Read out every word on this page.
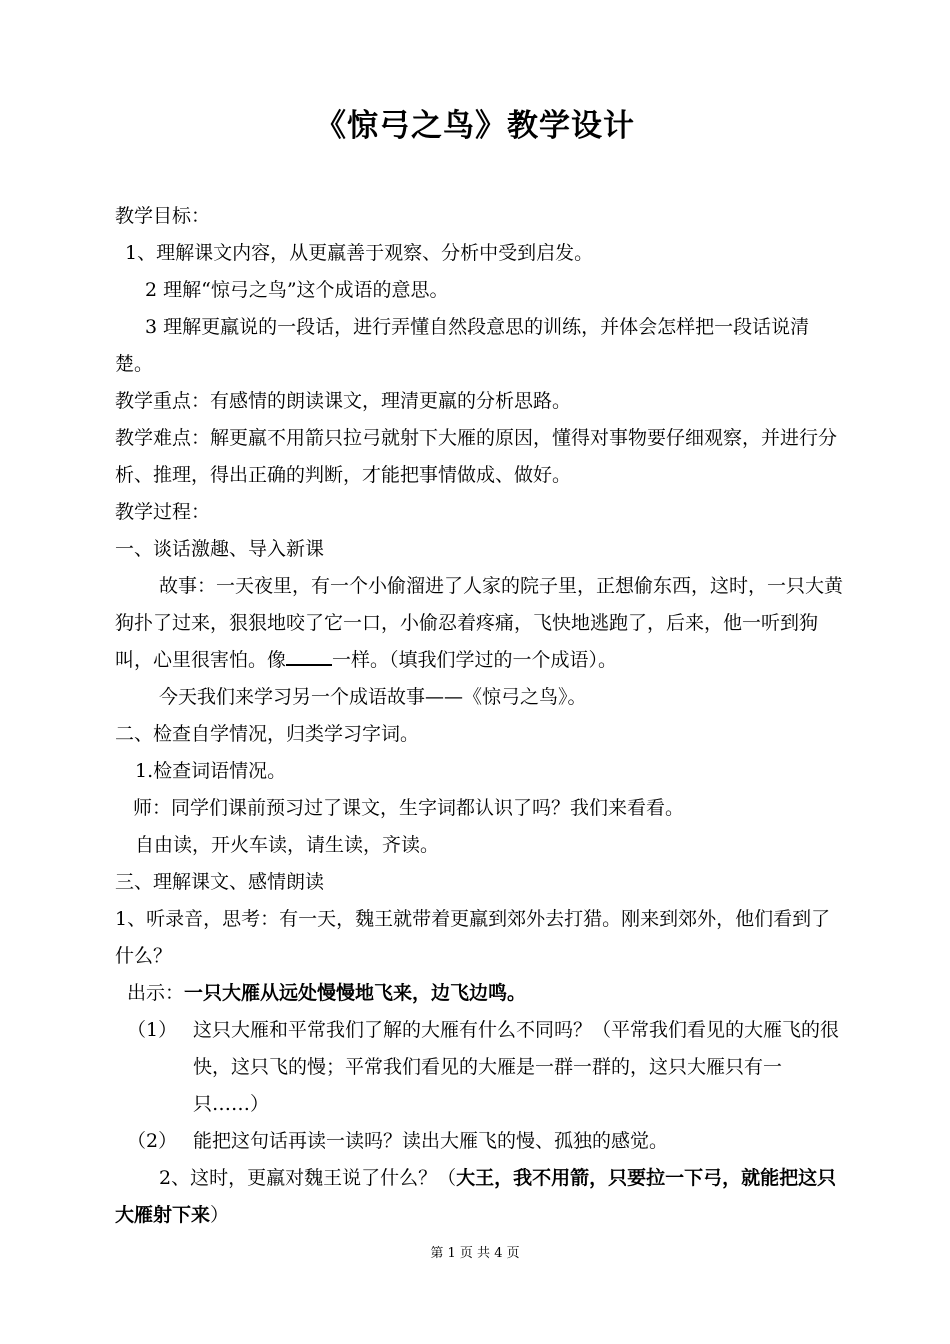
《惊弓之鸟》教学设计

教学目标：

1、理解课文内容，从更羸善于观察、分析中受到启发。

2 理解“惊弓之鸟”这个成语的意思。

3 理解更羸说的一段话，进行弄懂自然段意思的训练，并体会怎样把一段话说清楚。

教学重点：有感情的朗读课文，理清更羸的分析思路。

教学难点：解更羸不用箭只拉弓就射下大雁的原因，懂得对事物要仔细观察，并进行分析、推理，得出正确的判断，才能把事情做成、做好。

教学过程：

一、谈话激趣、导入新课

故事：一天夜里，有一个小偷溜进了人家的院子里，正想偷东西，这时，一只大黄狗扑了过来，狠狠地咬了它一口，小偷忍着疼痛，飞快地逃跑了，后来，他一听到狗叫，心里很害怕。像 一样。（填我们学过的一个成语）。

今天我们来学习另一个成语故事——《惊弓之鸟》。

二、检查自学情况，归类学习字词。

1.检查词语情况。

师：同学们课前预习过了课文，生字词都认识了吗？我们来看看。

自由读，开火车读，请生读，齐读。

三、理解课文、感情朗读

1、听录音，思考：有一天，魏王就带着更羸到郊外去打猎。刚来到郊外，他们看到了什么？

出示：一只大雁从远处慢慢地飞来，边飞边鸣。

（1） 这只大雁和平常我们了解的大雁有什么不同吗？（平常我们看见的大雁飞的很快，这只飞的慢；平常我们看见的大雁是一群一群的，这只大雁只有一只……）
（2） 能把这句话再读一读吗？读出大雁飞的慢、孤独的感觉。

2、这时，更羸对魏王说了什么？（大王，我不用箭，只要拉一下弓，就能把这只大雁射下来）

第 1 页 共 4 页
